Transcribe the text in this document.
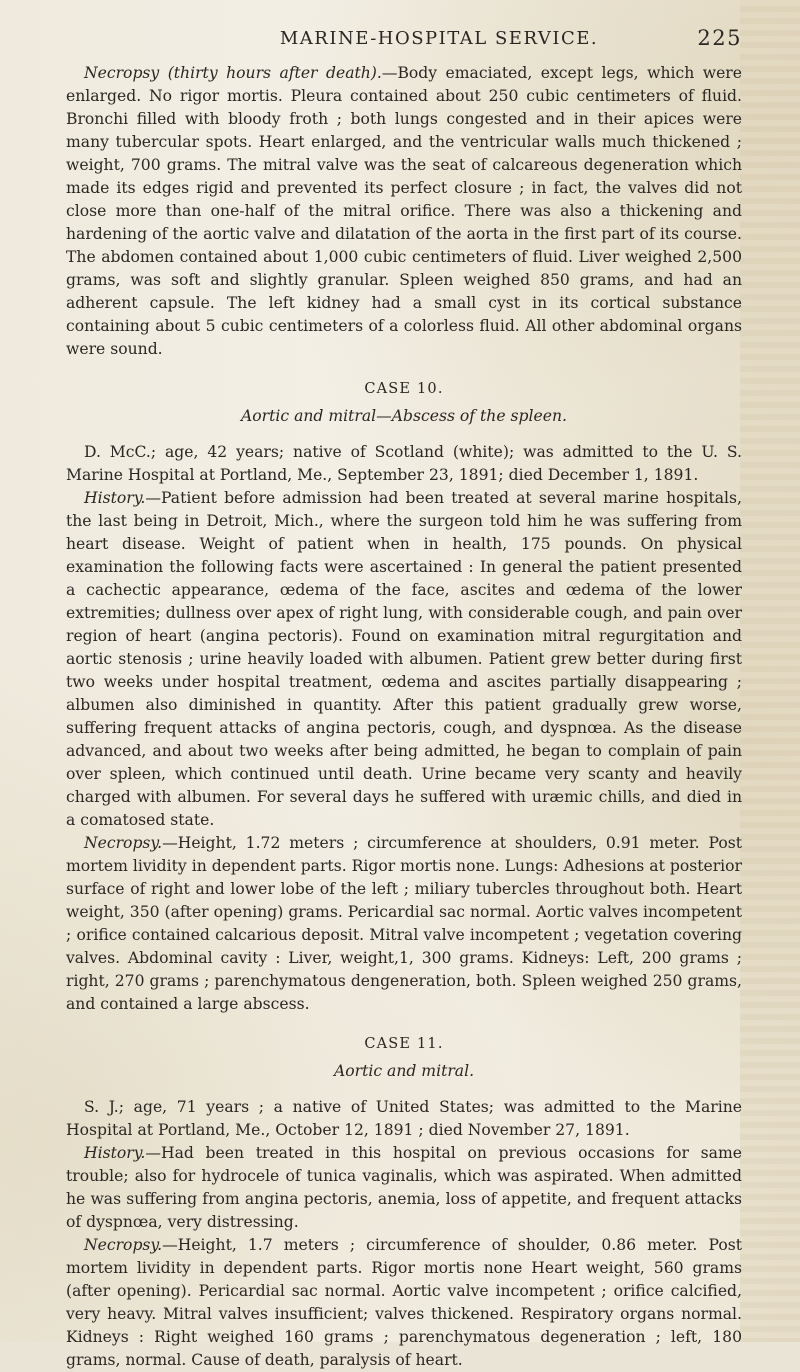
MARINE-HOSPITAL SERVICE.	225

Necropsy (thirty hours after death).—Body emaciated, except legs, which were enlarged. No rigor mortis. Pleura contained about 250 cubic centimeters of fluid. Bronchi filled with bloody froth ; both lungs congested and in their apices were many tubercular spots. Heart enlarged, and the ventricular walls much thickened ; weight, 700 grams. The mitral valve was the seat of calcareous degeneration which made its edges rigid and prevented its perfect closure ; in fact, the valves did not close more than one-half of the mitral orifice. There was also a thickening and hardening of the aortic valve and dilatation of the aorta in the first part of its course. The abdomen contained about 1,000 cubic centimeters of fluid. Liver weighed 2,500 grams, was soft and slightly granular. Spleen weighed 850 grams, and had an adherent capsule. The left kidney had a small cyst in its cortical substance containing about 5 cubic centimeters of a colorless fluid. All other abdominal organs were sound.

CASE 10.
Aortic and mitral—Abscess of the spleen.

D. McC.; age, 42 years; native of Scotland (white); was admitted to the U. S. Marine Hospital at Portland, Me., September 23, 1891; died December 1, 1891.

History.—Patient before admission had been treated at several marine hospitals, the last being in Detroit, Mich., where the surgeon told him he was suffering from heart disease. Weight of patient when in health, 175 pounds. On physical examination the following facts were ascertained : In general the patient presented a cachectic appearance, œdema of the face, ascites and œdema of the lower extremities; dullness over apex of right lung, with considerable cough, and pain over region of heart (angina pectoris). Found on examination mitral regurgitation and aortic stenosis ; urine heavily loaded with albumen. Patient grew better during first two weeks under hospital treatment, œdema and ascites partially disappearing ; albumen also diminished in quantity. After this patient gradually grew worse, suffering frequent attacks of angina pectoris, cough, and dyspnœa. As the disease advanced, and about two weeks after being admitted, he began to complain of pain over spleen, which continued until death. Urine became very scanty and heavily charged with albumen. For several days he suffered with uræmic chills, and died in a comatosed state.

Necropsy.—Height, 1.72 meters ; circumference at shoulders, 0.91 meter. Post mortem lividity in dependent parts. Rigor mortis none. Lungs: Adhesions at posterior surface of right and lower lobe of the left ; miliary tubercles throughout both. Heart weight, 350 (after opening) grams. Pericardial sac normal. Aortic valves incompetent ; orifice contained calcarious deposit. Mitral valve incompetent ; vegetation covering valves. Abdominal cavity : Liver, weight,1, 300 grams. Kidneys: Left, 200 grams ; right, 270 grams ; parenchymatous dengeneration, both. Spleen weighed 250 grams, and contained a large abscess.

CASE 11.
Aortic and mitral.

S. J.; age, 71 years ; a native of United States; was admitted to the Marine Hospital at Portland, Me., October 12, 1891 ; died November 27, 1891.

History.—Had been treated in this hospital on previous occasions for same trouble; also for hydrocele of tunica vaginalis, which was aspirated. When admitted he was suffering from angina pectoris, anemia, loss of appetite, and frequent attacks of dyspnœa, very distressing.

Necropsy.—Height, 1.7 meters ; circumference of shoulder, 0.86 meter. Post mortem lividity in dependent parts. Rigor mortis none Heart weight, 560 grams (after opening). Pericardial sac normal. Aortic valve incompetent ; orifice calcified, very heavy. Mitral valves insufficient; valves thickened. Respiratory organs normal. Kidneys : Right weighed 160 grams ; parenchymatous degeneration ; left, 180 grams, normal. Cause of death, paralysis of heart.
